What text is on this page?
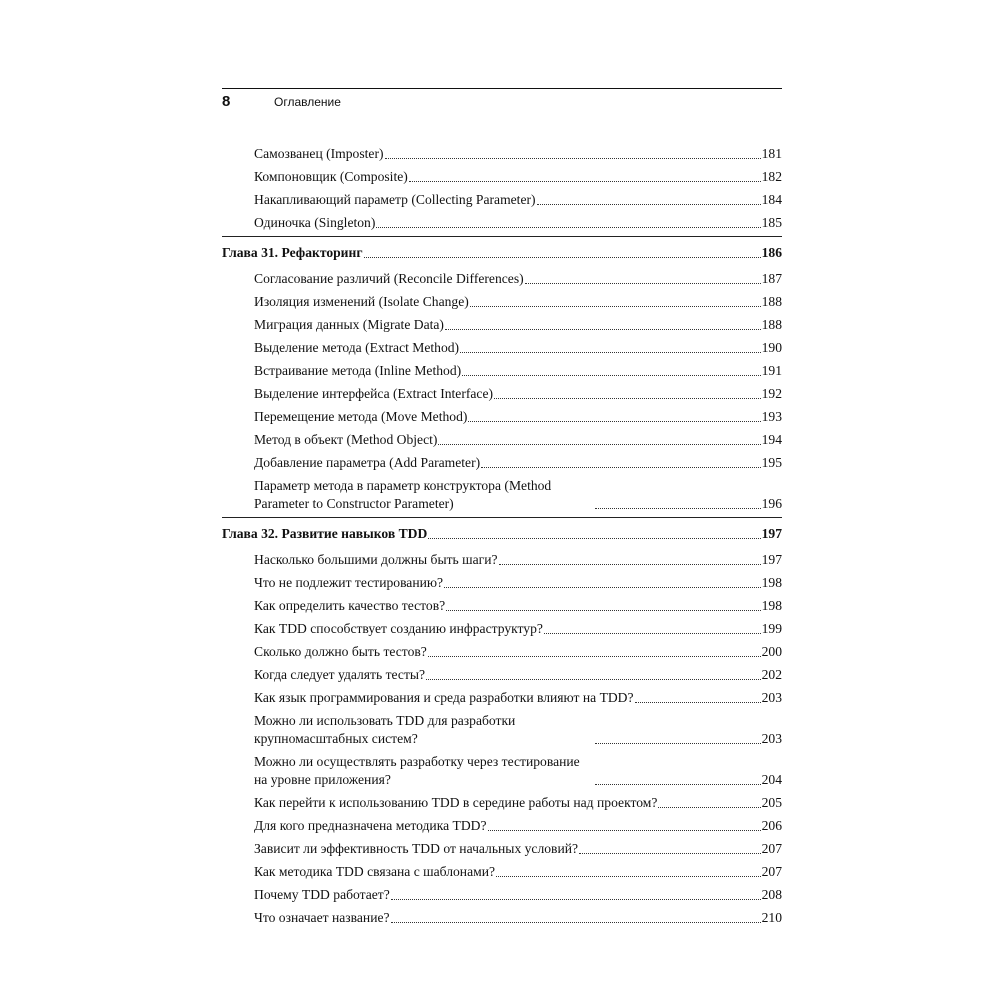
8	Оглавление
Самозванец (Imposter)	181
Компоновщик (Composite)	182
Накапливающий параметр (Collecting Parameter)	184
Одиночка (Singleton)	185
Глава 31. Рефакторинг	186
Согласование различий (Reconcile Differences)	187
Изоляция изменений (Isolate Change)	188
Миграция данных (Migrate Data)	188
Выделение метода (Extract Method)	190
Встраивание метода (Inline Method)	191
Выделение интерфейса (Extract Interface)	192
Перемещение метода (Move Method)	193
Метод в объект (Method Object)	194
Добавление параметра (Add Parameter)	195
Параметр метода в параметр конструктора (Method Parameter to Constructor Parameter)	196
Глава 32. Развитие навыков TDD	197
Насколько большими должны быть шаги?	197
Что не подлежит тестированию?	198
Как определить качество тестов?	198
Как TDD способствует созданию инфраструктур?	199
Сколько должно быть тестов?	200
Когда следует удалять тесты?	202
Как язык программирования и среда разработки влияют на TDD?	203
Можно ли использовать TDD для разработки крупномасштабных систем?	203
Можно ли осуществлять разработку через тестирование на уровне приложения?	204
Как перейти к использованию TDD в середине работы над проектом?	205
Для кого предназначена методика TDD?	206
Зависит ли эффективность TDD от начальных условий?	207
Как методика TDD связана с шаблонами?	207
Почему TDD работает?	208
Что означает название?	210
